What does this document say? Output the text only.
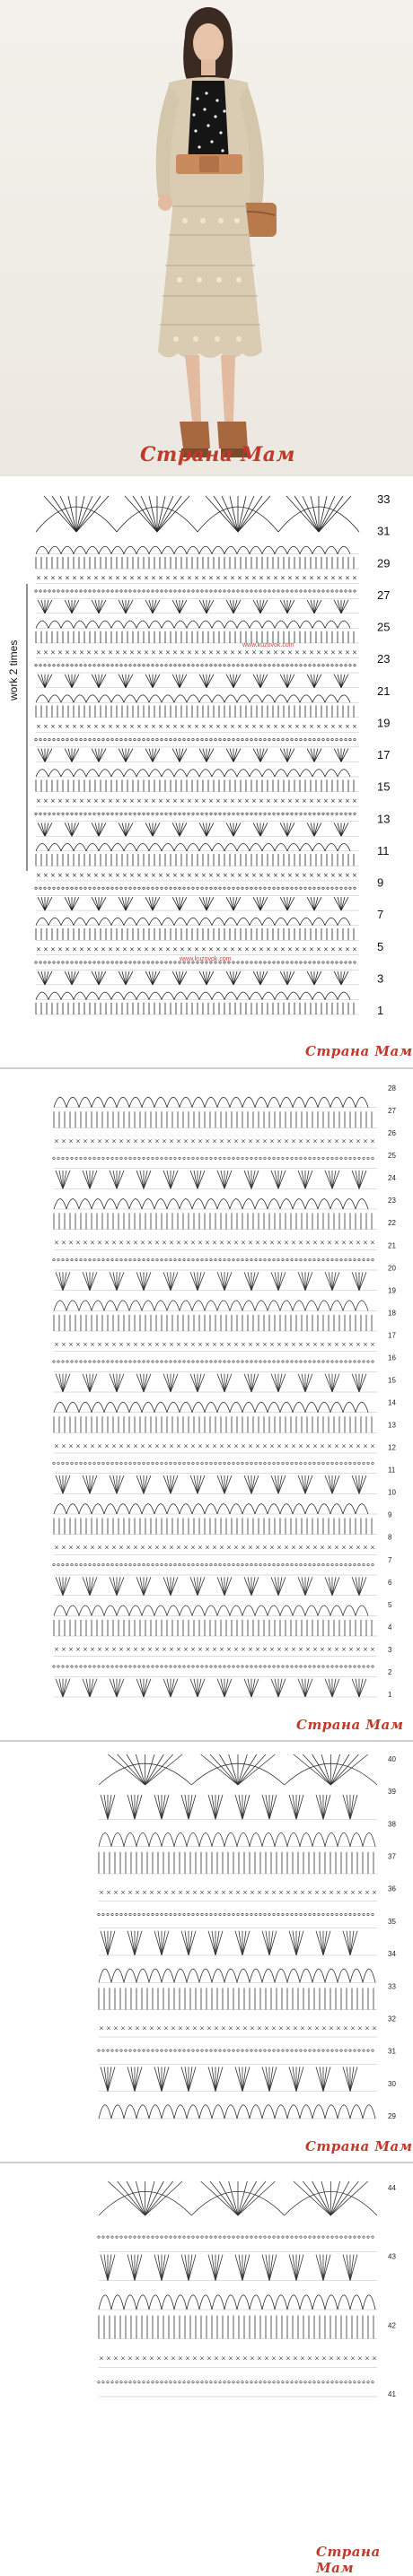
Страна Мам
× × × × × × × × × × × × × × × × × × × × × × × × × × × × × × × × × × × × × × × × × × × × ×
× × × × × × × × × × × × × × × × × × × × × × × × × × × × × × × × × × × × × × × × × × × × ×
× × × × × × × × × × × × × × × × × × × × × × × × × × × × × × × × × × × × × × × × × × × × ×
× × × × × × × × × × × × × × × × × × × × × × × × × × × × × × × × × × × × × × × × × × × × ×
× × × × × × × × × × × × × × × × × × × × × × × × × × × × × × × × × × × × × × × × × × × × ×
× × × × × × × × × × × × × × × × × × × × × × × × × × × × × × × × × × × × × × × × × × × × ×
33
31
29
27
25
23
21
19
17
15
13
11
9
7
5
3
1
www.kuzovok.com
www.kuzovok.com
work 2 times
Страна Мам
× × × × × × × × × × × × × × × × × × × × × × × × × × × × × × × × × × × × × × × × × × × × ×
× × × × × × × × × × × × × × × × × × × × × × × × × × × × × × × × × × × × × × × × × × × × ×
× × × × × × × × × × × × × × × × × × × × × × × × × × × × × × × × × × × × × × × × × × × × ×
× × × × × × × × × × × × × × × × × × × × × × × × × × × × × × × × × × × × × × × × × × × × ×
× × × × × × × × × × × × × × × × × × × × × × × × × × × × × × × × × × × × × × × × × × × × ×
× × × × × × × × × × × × × × × × × × × × × × × × × × × × × × × × × × × × × × × × × × × × ×
28
27
26
25
24
23
22
21
20
19
18
17
16
15
14
13
12
11
10
9
8
7
6
5
4
3
2
1
Страна Мам
× × × × × × × × × × × × × × × × × × × × × × × × × × × × × × × × × × × × × × ×
× × × × × × × × × × × × × × × × × × × × × × × × × × × × × × × × × × × × × × ×
40
39
38
37
36
35
34
33
32
31
30
29
Страна Мам
× × × × × × × × × × × × × × × × × × × × × × × × × × × × × × × × × × × × × × ×
44
43
42
41
Страна Мам
